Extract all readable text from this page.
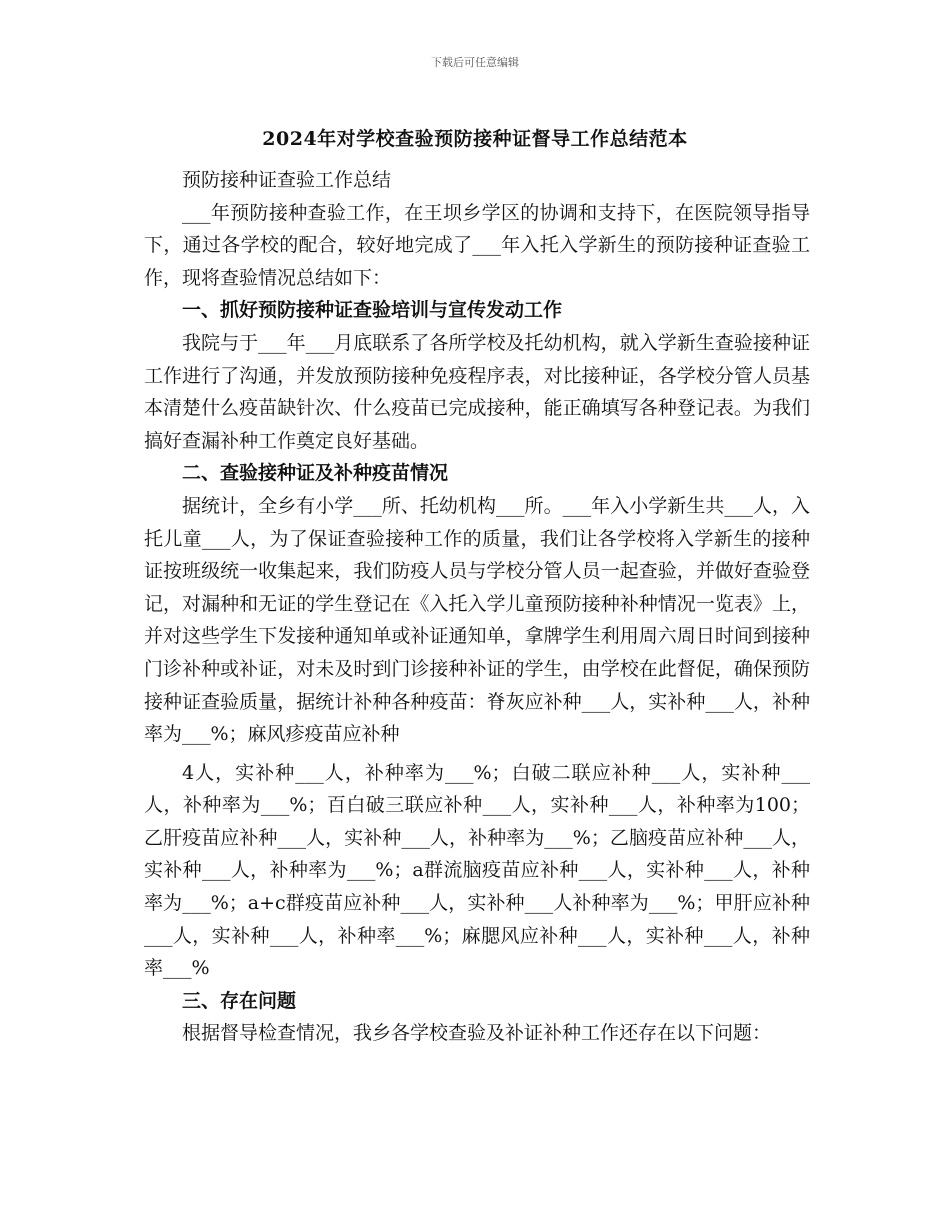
下载后可任意编辑
2024年对学校查验预防接种证督导工作总结范本

预防接种证查验工作总结

___年预防接种查验工作，在王坝乡学区的协调和支持下，在医院领导指导下，通过各学校的配合，较好地完成了___年入托入学新生的预防接种证查验工作，现将查验情况总结如下：

一、抓好预防接种证查验培训与宣传发动工作

我院与于___年___月底联系了各所学校及托幼机构，就入学新生查验接种证工作进行了沟通，并发放预防接种免疫程序表，对比接种证，各学校分管人员基本清楚什么疫苗缺针次、什么疫苗已完成接种，能正确填写各种登记表。为我们搞好查漏补种工作奠定良好基础。

二、查验接种证及补种疫苗情况

据统计，全乡有小学___所、托幼机构___所。___年入小学新生共___人，入托儿童___人，为了保证查验接种工作的质量，我们让各学校将入学新生的接种证按班级统一收集起来，我们防疫人员与学校分管人员一起查验，并做好查验登记，对漏种和无证的学生登记在《入托入学儿童预防接种补种情况一览表》上，并对这些学生下发接种通知单或补证通知单，拿牌学生利用周六周日时间到接种门诊补种或补证，对未及时到门诊接种补证的学生，由学校在此督促，确保预防接种证查验质量，据统计补种各种疫苗：脊灰应补种___人，实补种___人，补种率为___%；麻风疹疫苗应补种

4人，实补种___人，补种率为___%；白破二联应补种___人，实补种___人，补种率为___%；百白破三联应补种___人，实补种___人，补种率为100；乙肝疫苗应补种___人，实补种___人，补种率为___%；乙脑疫苗应补种___人，实补种___人，补种率为___%；a群流脑疫苗应补种___人，实补种___人，补种率为___%；a+c群疫苗应补种___人，实补种___人补种率为___%；甲肝应补种___人，实补种___人，补种率___%；麻腮风应补种___人，实补种___人，补种率___%

三、存在问题

根据督导检查情况，我乡各学校查验及补证补种工作还存在以下问题：
